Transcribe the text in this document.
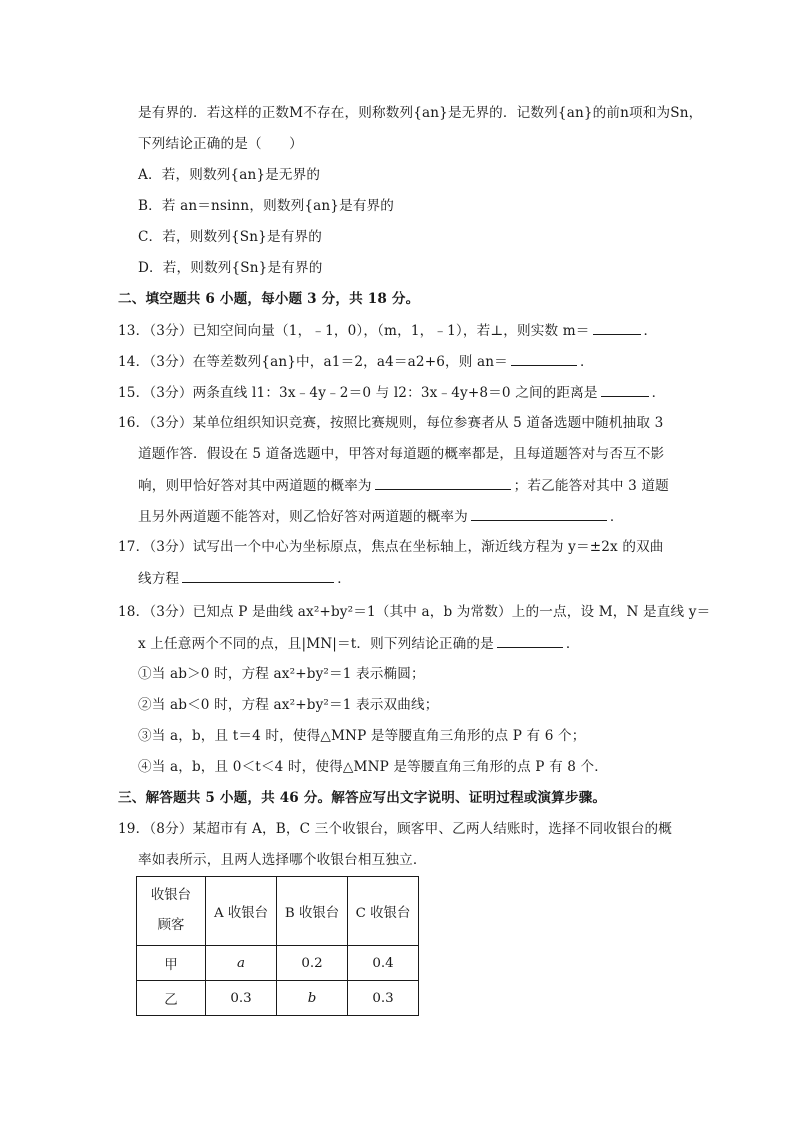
是有界的．若这样的正数M不存在，则称数列{an}是无界的．记数列{an}的前n项和为Sn，
下列结论正确的是（　　）
A．若，则数列{an}是无界的
B．若 an＝nsinn，则数列{an}是有界的
C．若，则数列{Sn}是有界的
D．若，则数列{Sn}是有界的
二、填空题共 6 小题，每小题 3 分，共 18 分。
13．（3分）已知空间向量（1，﹣1，0），（m，1，﹣1），若⊥，则实数 m＝	．
14．（3分）在等差数列{an}中，a1＝2，a4＝a2+6，则 an＝	．
15．（3分）两条直线 l1：3x﹣4y﹣2＝0 与 l2：3x﹣4y+8＝0 之间的距离是	．
16．（3分）某单位组织知识竞赛，按照比赛规则，每位参赛者从 5 道备选题中随机抽取 3
道题作答．假设在 5 道备选题中，甲答对每道题的概率都是，且每道题答对与否互不影
响，则甲恰好答对其中两道题的概率为	；若乙能答对其中 3 道题
且另外两道题不能答对，则乙恰好答对两道题的概率为	．
17．（3分）试写出一个中心为坐标原点，焦点在坐标轴上，渐近线方程为 y＝±2x 的双曲
线方程	．
18．（3分）已知点 P 是曲线 ax²+by²＝1（其中 a，b 为常数）上的一点，设 M，N 是直线 y＝
x 上任意两个不同的点，且|MN|＝t．则下列结论正确的是	．
①当 ab＞0 时，方程 ax²+by²＝1 表示椭圆；
②当 ab＜0 时，方程 ax²+by²＝1 表示双曲线；
③当 a，b，且 t＝4 时，使得△MNP 是等腰直角三角形的点 P 有 6 个；
④当 a，b，且 0＜t＜4 时，使得△MNP 是等腰直角三角形的点 P 有 8 个．
三、解答题共 5 小题，共 46 分。解答应写出文字说明、证明过程或演算步骤。
19．（8分）某超市有 A，B，C 三个收银台，顾客甲、乙两人结账时，选择不同收银台的概
率如表所示，且两人选择哪个收银台相互独立．
收银台
顾客	A 收银台	B 收银台	C 收银台
甲	a	0.2	0.4
乙	0.3	b	0.3
